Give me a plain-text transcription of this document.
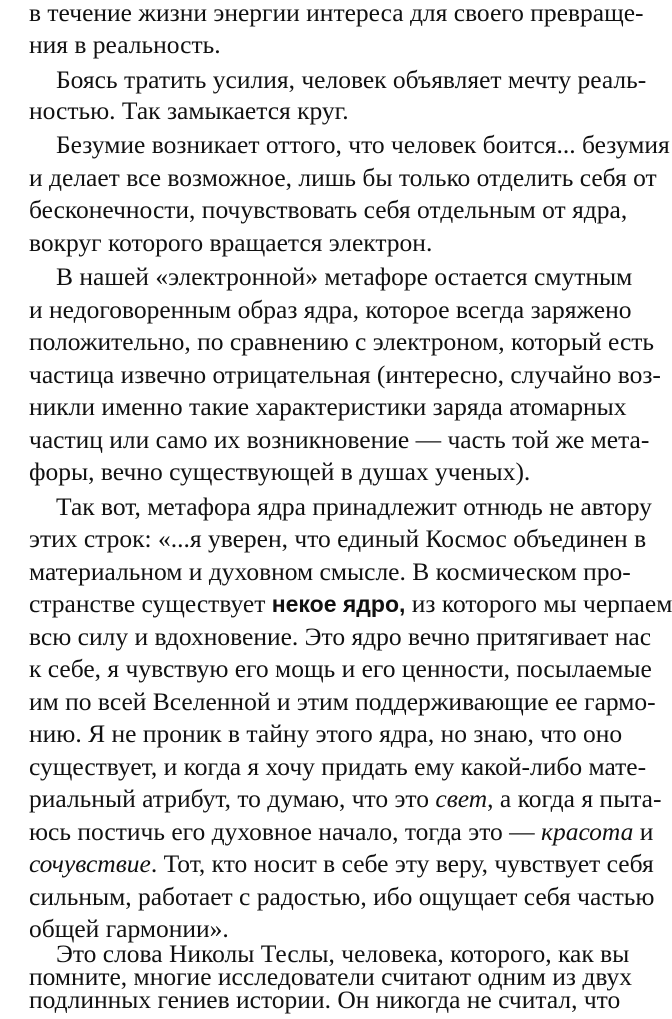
в течение жизни энергии интереса для своего превраще-
ния в реальность.
Боясь тратить усилия, человек объявляет мечту реаль-
ностью. Так замыкается круг.
Безумие возникает оттого, что человек боится... безумия
и делает все возможное, лишь бы только отделить себя от
бесконечности, почувствовать себя отдельным от ядра,
вокруг которого вращается электрон.
В нашей «электронной» метафоре остается смутным
и недоговоренным образ ядра, которое всегда заряжено
положительно, по сравнению с электроном, который есть
частица извечно отрицательная (интересно, случайно воз-
никли именно такие характеристики заряда атомарных
частиц или само их возникновение — часть той же мета-
форы, вечно существующей в душах ученых).
Так вот, метафора ядра принадлежит отнюдь не автору
этих строк: «...я уверен, что единый Космос объединен в
материальном и духовном смысле. В космическом про-
странстве существует некое ядро, из которого мы черпаем
всю силу и вдохновение. Это ядро вечно притягивает нас
к себе, я чувствую его мощь и его ценности, посылаемые
им по всей Вселенной и этим поддерживающие ее гармо-
нию. Я не проник в тайну этого ядра, но знаю, что оно
существует, и когда я хочу придать ему какой-либо мате-
риальный атрибут, то думаю, что это свет, а когда я пыта-
юсь постичь его духовное начало, тогда это — красота и
сочувствие. Тот, кто носит в себе эту веру, чувствует себя
сильным, работает с радостью, ибо ощущает себя частью
общей гармонии».
Это слова Николы Теслы, человека, которого, как вы
помните, многие исследователи считают одним из двух
подлинных гениев истории. Он никогда не считал, что
